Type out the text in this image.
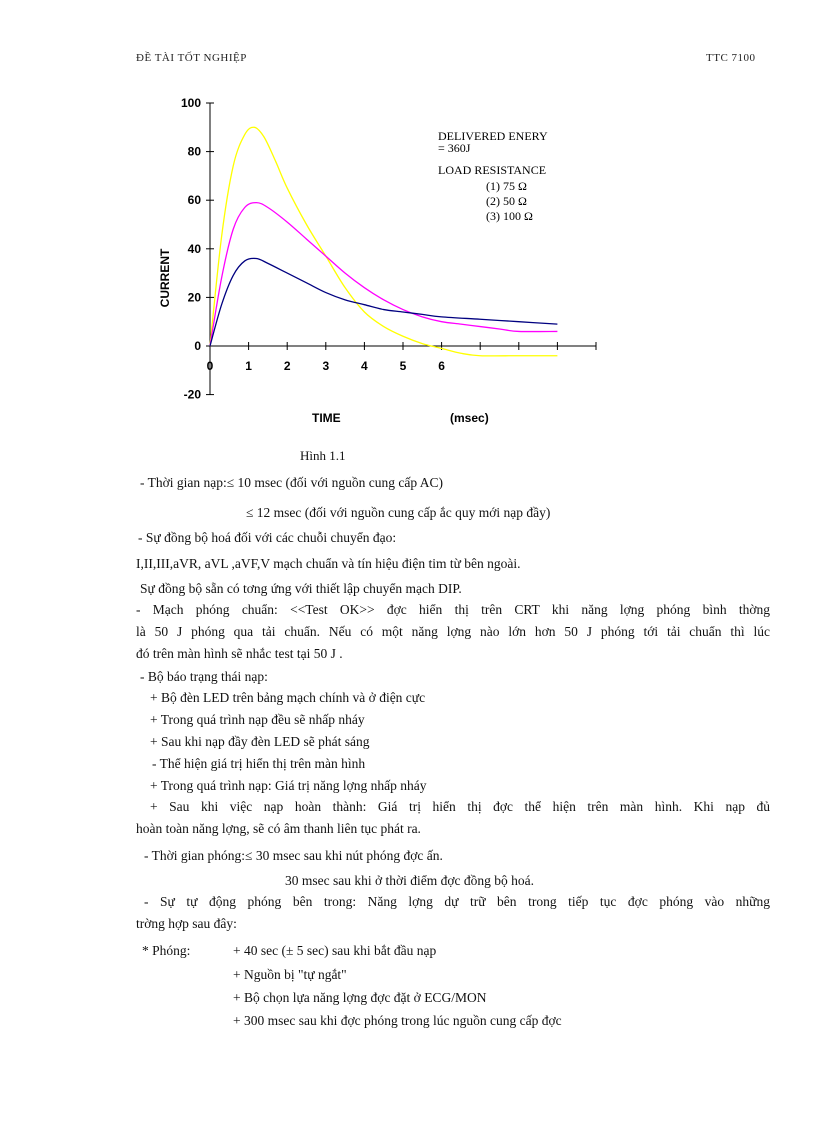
ĐỀ TÀI TỐT NGHIỆP	TTC 7100
100
80
60
40
20
0
-20
0	1	2	3	4	5	6
CURRENT
TIME	(msec)
DELIVERED ENERY
= 360J
LOAD RESISTANCE
(1) 75 Ω
(2) 50 Ω
(3) 100 Ω
Hình 1.1
- Thời gian nạp:≤ 10 msec (đối với nguồn cung cấp AC)
≤ 12 msec (đối với nguồn cung cấp ắc quy mới nạp đầy)
- Sự đồng bộ hoá đối với các chuỗi chuyển đạo:
I,II,III,aVR, aVL ,aVF,V mạch chuẩn và tín hiệu điện tim từ bên ngoài.
Sự đồng bộ sẵn có tơng ứng với thiết lập chuyển mạch DIP.
- Mạch phóng chuẩn: <<Test OK>> đợc hiển thị trên CRT khi năng lợng phóng bình thờng
là 50 J phóng qua tải chuẩn. Nếu có một năng lợng nào lớn hơn 50 J phóng tới tải chuẩn thì lúc
đó trên màn hình sẽ nhắc test tại 50 J .
- Bộ báo trạng thái nạp:
+ Bộ đèn LED trên bảng mạch chính và ở điện cực
+ Trong quá trình nạp đều sẽ nhấp nháy
+ Sau khi nạp đầy đèn LED sẽ phát sáng
- Thể hiện giá trị hiển thị trên màn hình
+ Trong quá trình nạp: Giá trị năng lợng nhấp nháy
+ Sau khi việc nạp hoàn thành: Giá trị hiển thị đợc thể hiện trên màn hình. Khi nạp đủ
hoàn toàn năng lợng, sẽ có âm thanh liên tục phát ra.
- Thời gian phóng:≤ 30 msec sau khi nút phóng đợc ấn.
30 msec sau khi ở thời điểm đợc đồng bộ hoá.
- Sự tự động phóng bên trong: Năng lợng dự trữ bên trong tiếp tục đợc phóng vào những
trờng hợp sau đây:
* Phóng:	+ 40 sec (± 5 sec) sau khi bắt đầu nạp
+ Nguồn bị "tự ngắt"
+ Bộ chọn lựa năng lợng đợc đặt ở ECG/MON
+ 300 msec sau khi đợc phóng trong lúc nguồn cung cấp đợc
